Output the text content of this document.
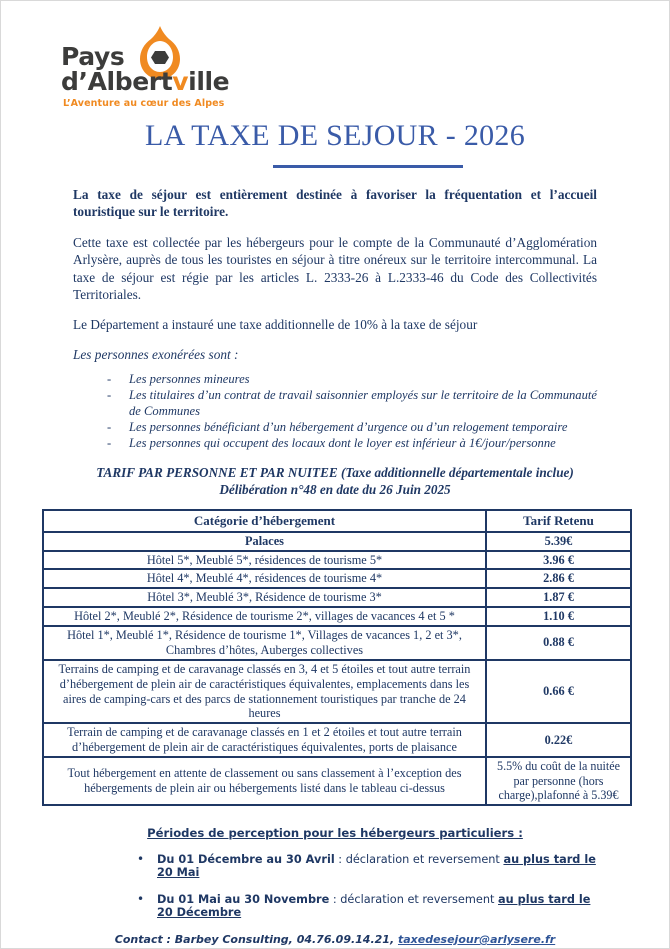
Pays
d’Albertville
L’Aventure au cœur des Alpes
LA TAXE DE SEJOUR - 2026

La taxe de séjour est entièrement destinée à favoriser la fréquentation et l’accueil touristique sur le territoire.

Cette taxe est collectée par les hébergeurs pour le compte de la Communauté d’Agglomération Arlysère, auprès de tous les touristes en séjour à titre onéreux sur le territoire intercommunal. La taxe de séjour est régie par les articles L. 2333-26 à L.2333-46 du Code des Collectivités Territoriales.

Le Département a instauré une taxe additionnelle de 10% à la taxe de séjour

Les personnes exonérées sont :

- Les personnes mineures
- Les titulaires d’un contrat de travail saisonnier employés sur le territoire de la Communauté de Communes
- Les personnes bénéficiant d’un hébergement d’urgence ou d’un relogement temporaire
- Les personnes qui occupent des locaux dont le loyer est inférieur à 1€/jour/personne
TARIF PAR PERSONNE ET PAR NUITEE (Taxe additionnelle départementale inclue)
Délibération n°48 en date du 26 Juin 2025
Catégorie d’hébergement	Tarif Retenu
Palaces	5.39€
Hôtel 5*, Meublé 5*, résidences de tourisme 5*	3.96 €
Hôtel 4*, Meublé 4*, résidences de tourisme 4*	2.86 €
Hôtel 3*, Meublé 3*, Résidence de tourisme 3*	1.87 €
Hôtel 2*, Meublé 2*, Résidence de tourisme 2*, villages de vacances 4 et 5 *	1.10 €
Hôtel 1*, Meublé 1*, Résidence de tourisme 1*, Villages de vacances 1, 2 et 3*, Chambres d’hôtes, Auberges collectives	0.88 €
Terrains de camping et de caravanage classés en 3, 4 et 5 étoiles et tout autre terrain d’hébergement de plein air de caractéristiques équivalentes, emplacements dans les aires de camping-cars et des parcs de stationnement touristiques par tranche de 24 heures	0.66 €
Terrain de camping et de caravanage classés en 1 et 2 étoiles et tout autre terrain d’hébergement de plein air de caractéristiques équivalentes, ports de plaisance	0.22€
Tout hébergement en attente de classement ou sans classement à l’exception des hébergements de plein air ou hébergements listé dans le tableau ci-dessus	5.5% du coût de la nuitée par personne (hors charge),plafonné à 5.39€
Périodes de perception pour les hébergeurs particuliers :
• Du 01 Décembre au 30 Avril : déclaration et reversement au plus tard le 20 Mai
• Du 01 Mai au 30 Novembre : déclaration et reversement au plus tard le 20 Décembre
Contact : Barbey Consulting, 04.76.09.14.21, taxedesejour@arlysere.fr
